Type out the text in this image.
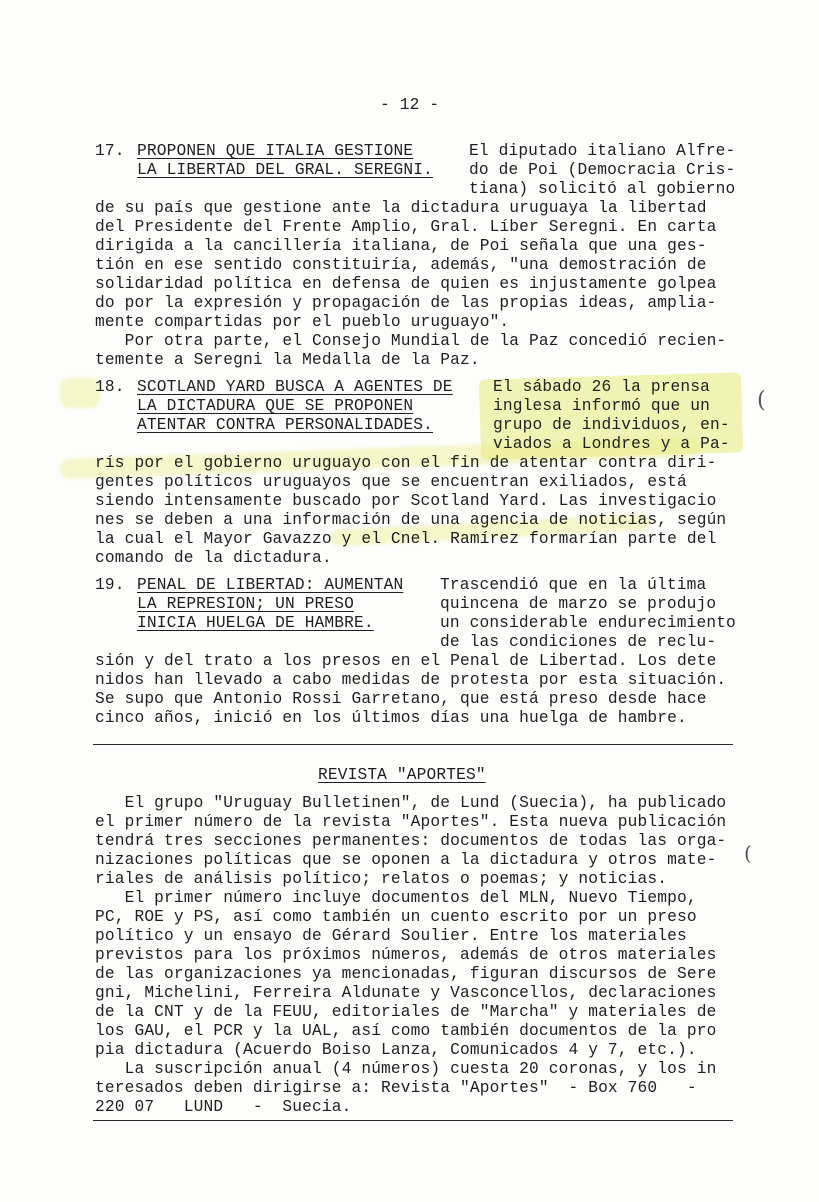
- 12 -
17. PROPONEN QUE ITALIA GESTIONE
LA LIBERTAD DEL GRAL. SEREGNI.
El diputado italiano Alfre-
do de Poi (Democracia Cris-
tiana) solicitó al gobierno
de su país que gestione ante la dictadura uruguaya la libertad
del Presidente del Frente Amplio, Gral. Líber Seregni. En carta
dirigida a la cancillería italiana, de Poi señala que una ges-
tión en ese sentido constituiría, además, "una demostración de
solidaridad política en defensa de quien es injustamente golpea
do por la expresión y propagación de las propias ideas, amplia-
mente compartidas por el pueblo uruguayo".
Por otra parte, el Consejo Mundial de la Paz concedió recien-
temente a Seregni la Medalla de la Paz.
18. SCOTLAND YARD BUSCA A AGENTES DE
LA DICTADURA QUE SE PROPONEN
ATENTAR CONTRA PERSONALIDADES.
El sábado 26 la prensa
inglesa informó que un
grupo de individuos, en-
viados a Londres y a Pa-
rís por el gobierno uruguayo con el fin de atentar contra diri-
gentes políticos uruguayos que se encuentran exiliados, está
siendo intensamente buscado por Scotland Yard. Las investigacio
nes se deben a una información de una agencia de noticias, según
la cual el Mayor Gavazzo y el Cnel. Ramírez formarían parte del
comando de la dictadura.
(
19. PENAL DE LIBERTAD: AUMENTAN
LA REPRESION; UN PRESO
INICIA HUELGA DE HAMBRE.
Trascendió que en la última
quincena de marzo se produjo
un considerable endurecimiento
de las condiciones de reclu-
sión y del trato a los presos en el Penal de Libertad. Los dete
nidos han llevado a cabo medidas de protesta por esta situación.
Se supo que Antonio Rossi Garretano, que está preso desde hace
cinco años, inició en los últimos días una huelga de hambre.
REVISTA "APORTES"
El grupo "Uruguay Bulletinen", de Lund (Suecia), ha publicado
el primer número de la revista "Aportes". Esta nueva publicación
tendrá tres secciones permanentes: documentos de todas las orga-
nizaciones políticas que se oponen a la dictadura y otros mate-
riales de análisis político; relatos o poemas; y noticias.
El primer número incluye documentos del MLN, Nuevo Tiempo,
PC, ROE y PS, así como también un cuento escrito por un preso
político y un ensayo de Gérard Soulier. Entre los materiales
previstos para los próximos números, además de otros materiales
de las organizaciones ya mencionadas, figuran discursos de Sere
gni, Michelini, Ferreira Aldunate y Vasconcellos, declaraciones
de la CNT y de la FEUU, editoriales de "Marcha" y materiales de
los GAU, el PCR y la UAL, así como también documentos de la pro
pia dictadura (Acuerdo Boiso Lanza, Comunicados 4 y 7, etc.).
La suscripción anual (4 números) cuesta 20 coronas, y los in
teresados deben dirigirse a: Revista "Aportes"  - Box 760   -
220 07   LUND   -  Suecia.
(
